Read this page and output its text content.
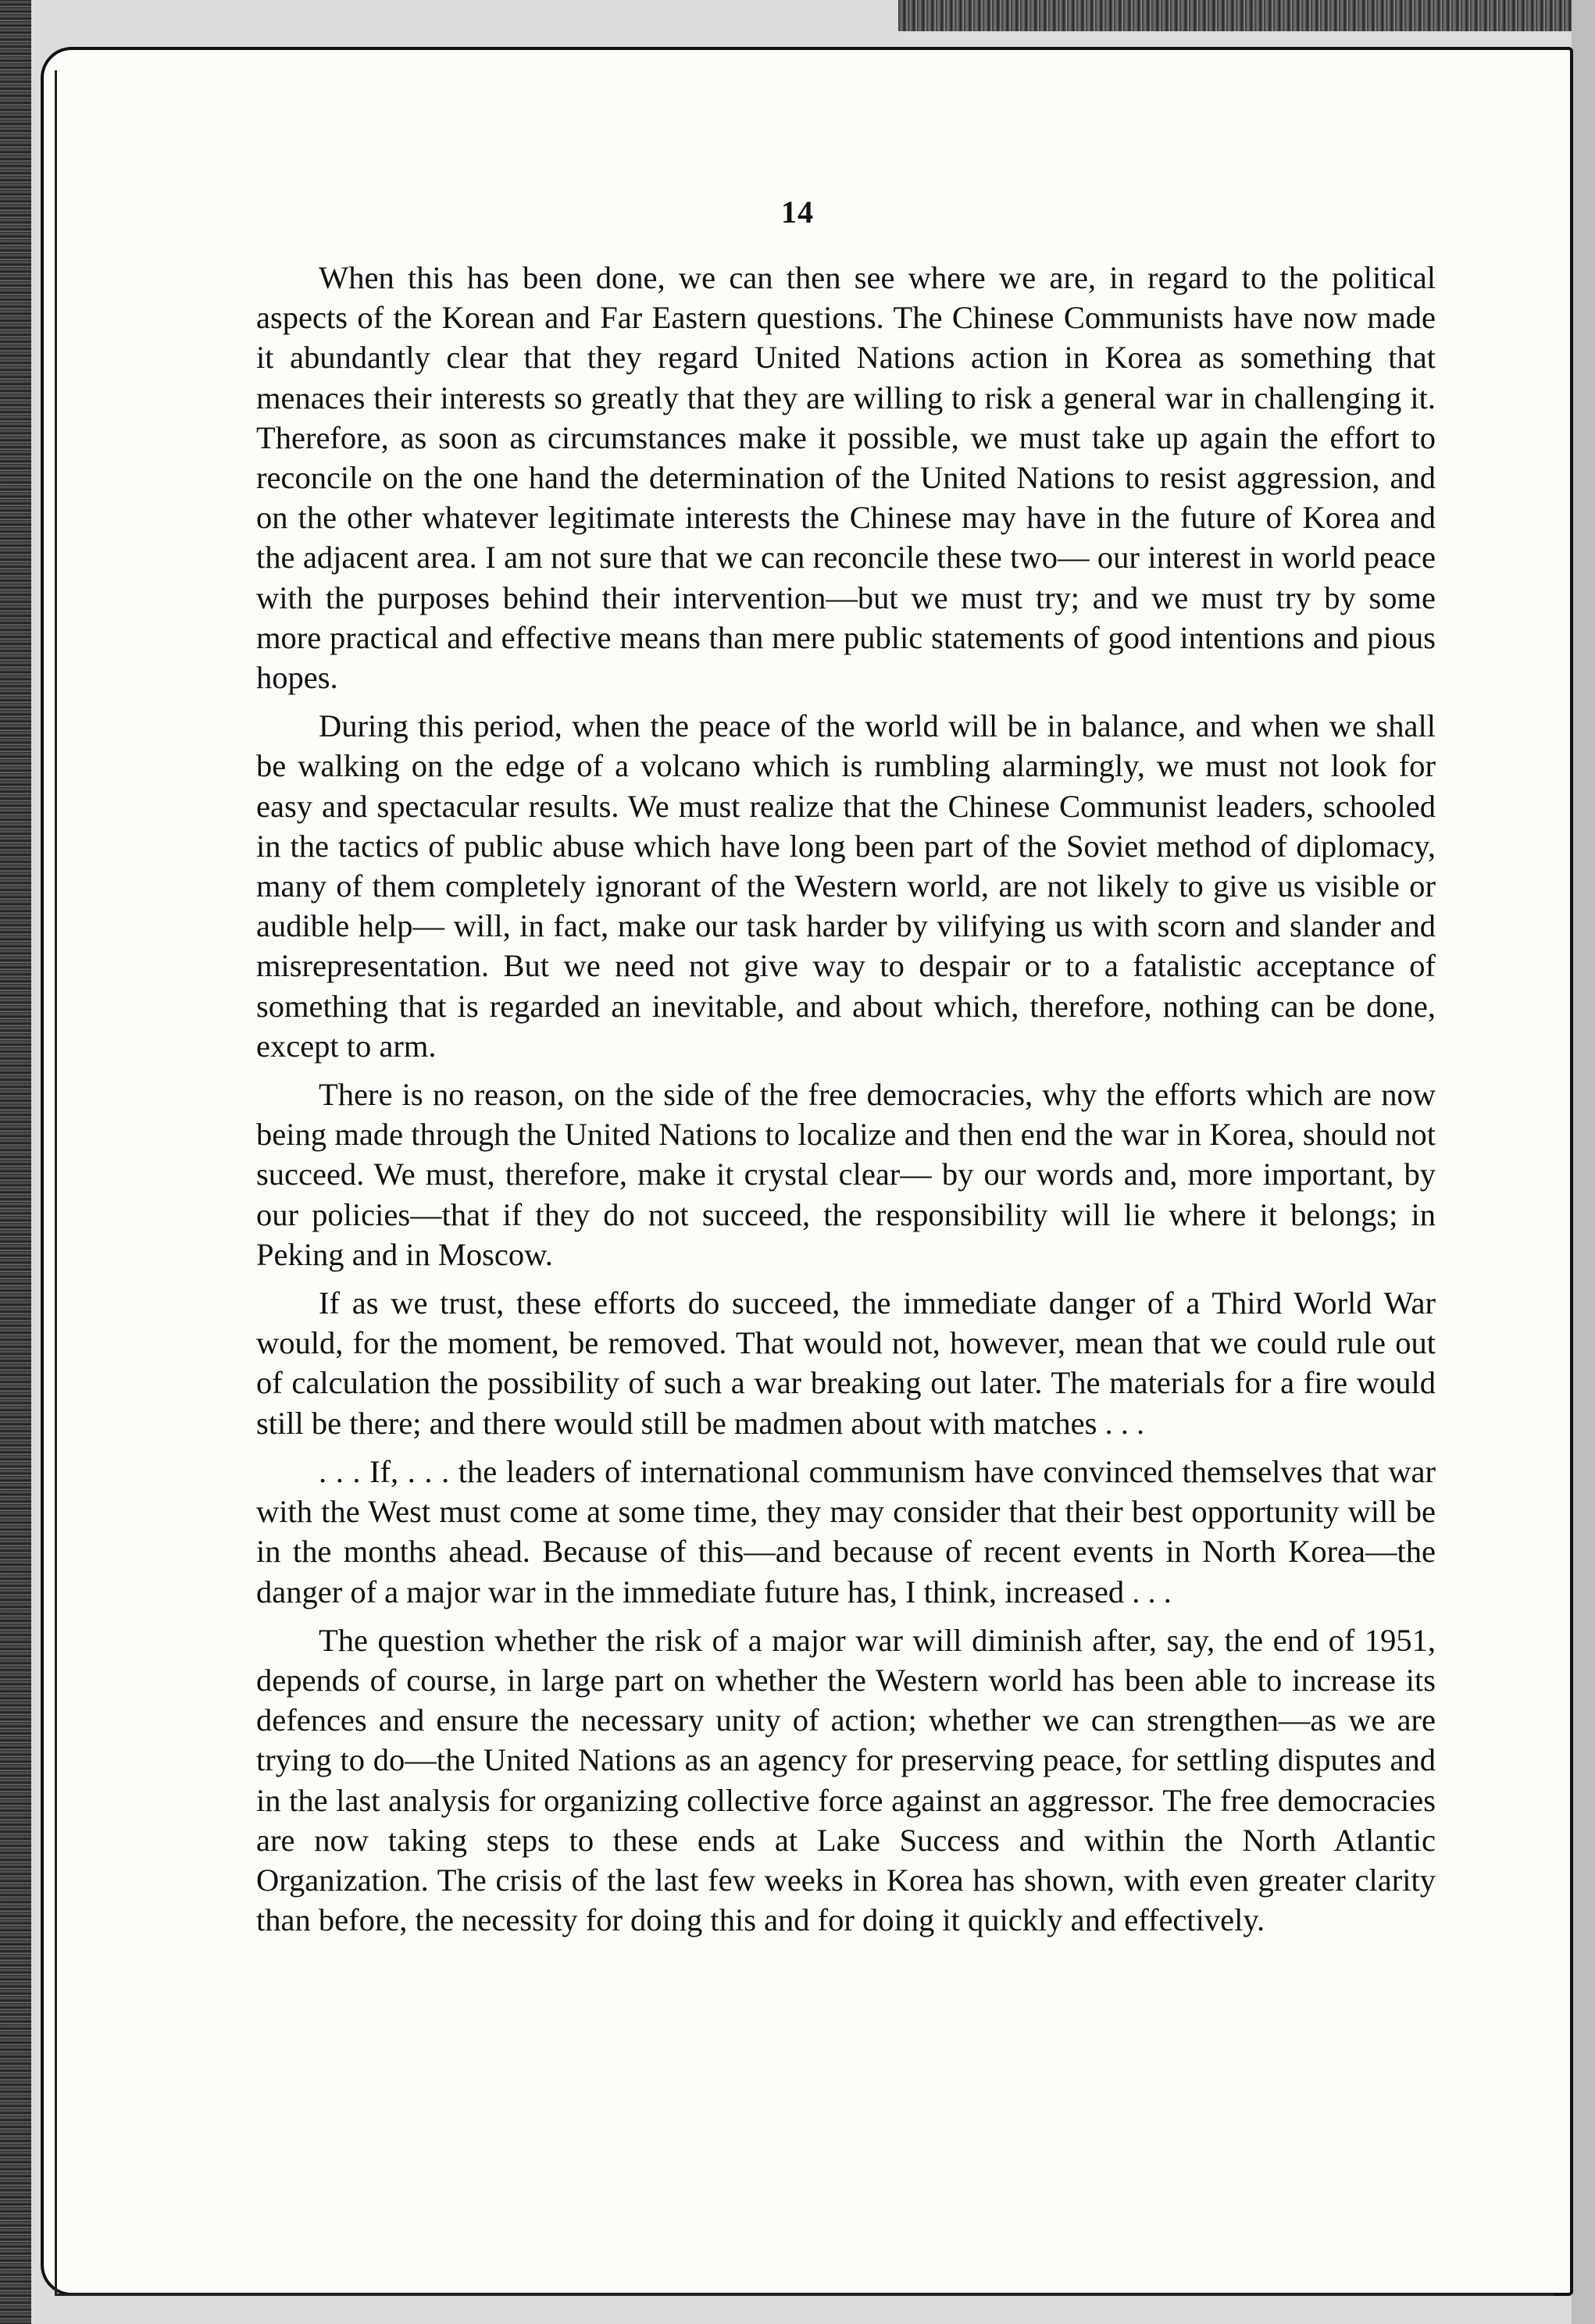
14

When this has been done, we can then see where we are, in regard to the political aspects of the Korean and Far Eastern questions. The Chinese Communists have now made it abundantly clear that they regard United Nations action in Korea as something that menaces their interests so greatly that they are willing to risk a general war in challenging it. Therefore, as soon as circumstances make it possible, we must take up again the effort to reconcile on the one hand the determination of the United Nations to resist aggression, and on the other whatever legitimate interests the Chinese may have in the future of Korea and the adjacent area. I am not sure that we can reconcile these two— our interest in world peace with the purposes behind their intervention—but we must try; and we must try by some more practical and effective means than mere public statements of good intentions and pious hopes.

During this period, when the peace of the world will be in balance, and when we shall be walking on the edge of a volcano which is rumbling alarmingly, we must not look for easy and spectacular results. We must realize that the Chinese Communist leaders, schooled in the tactics of public abuse which have long been part of the Soviet method of diplomacy, many of them completely ignorant of the Western world, are not likely to give us visible or audible help— will, in fact, make our task harder by vilifying us with scorn and slander and misrepresentation. But we need not give way to despair or to a fatalistic acceptance of something that is regarded an inevitable, and about which, therefore, nothing can be done, except to arm.

There is no reason, on the side of the free democracies, why the efforts which are now being made through the United Nations to localize and then end the war in Korea, should not succeed. We must, therefore, make it crystal clear— by our words and, more important, by our policies—that if they do not succeed, the responsibility will lie where it belongs; in Peking and in Moscow.

If as we trust, these efforts do succeed, the immediate danger of a Third World War would, for the moment, be removed. That would not, however, mean that we could rule out of calculation the possibility of such a war breaking out later. The materials for a fire would still be there; and there would still be madmen about with matches . . .

. . . If, . . . the leaders of international communism have convinced themselves that war with the West must come at some time, they may consider that their best opportunity will be in the months ahead. Because of this—and because of recent events in North Korea—the danger of a major war in the immediate future has, I think, increased . . .

The question whether the risk of a major war will diminish after, say, the end of 1951, depends of course, in large part on whether the Western world has been able to increase its defences and ensure the necessary unity of action; whether we can strengthen—as we are trying to do—the United Nations as an agency for preserving peace, for settling disputes and in the last analysis for organizing collective force against an aggressor. The free democracies are now taking steps to these ends at Lake Success and within the North Atlantic Organization. The crisis of the last few weeks in Korea has shown, with even greater clarity than before, the necessity for doing this and for doing it quickly and effectively.
